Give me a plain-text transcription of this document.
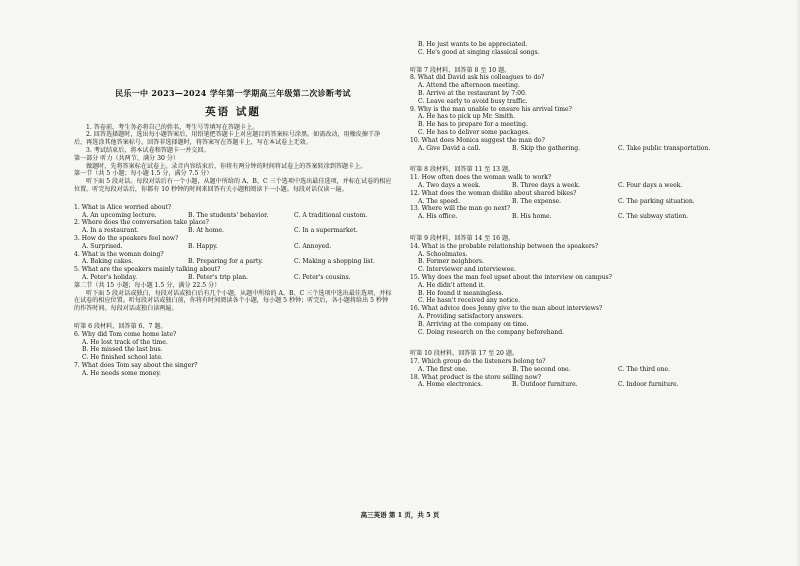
民乐一中 2023—2024 学年第一学期高三年级第二次诊断考试
英语 试题

1. 答卷前，考生务必将自己的姓名、考生号等填写在答题卡上。

2. 回答选择题时，选出每小题答案后，用铅笔把答题卡上对应题目的答案标号涂黑。如需改动，用橡皮擦干净后，再选涂其他答案标号。回答非选择题时，将答案写在答题卡上，写在本试卷上无效。

3. 考试结束后，将本试卷和答题卡一并交回。

第一部分 听力（共两节，满分 30 分）

做题时，先将答案标在试卷上。录音内容结束后，你将有两分钟的时间将试卷上的答案转涂到答题卡上。

第一节（共 5 小题；每小题 1.5 分，满分 7.5 分）

听下面 5 段对话。每段对话后有一个小题，从题中所给的 A、B、C 三个选项中选出最佳选项，并标在试卷的相应位置。听完每段对话后，你都有 10 秒钟的时间来回答有关小题和阅读下一小题。每段对话仅读一遍。

1. What is Alice worried about?

A. An upcoming lecture.	B. The students' behavior.	C. A traditional custom.

2. Where does the conversation take place?

A. In a restaurant.	B. At home.	C. In a supermarket.

3. How do the speakers feel now?

A. Surprised.	B. Happy.	C. Annoyed.

4. What is the woman doing?

A. Baking cakes.	B. Preparing for a party.	C. Making a shopping list.

5. What are the speakers mainly talking about?

A. Peter's holiday.	B. Peter's trip plan.	C. Peter's cousins.

第二节（共 15 小题；每小题 1.5 分，满分 22.5 分）

听下面 5 段对话或独白，每段对话或独白后有几个小题，从题中所给的 A、B、C 三个选项中选出最佳选项，并标在试卷的相应位置。听每段对话或独白前，你将有时间阅读各个小题，每小题 5 秒钟；听完后，各小题将给出 5 秒钟的作答时间。每段对话或独白读两遍。

听第 6 段材料，回答第 6、7 题。

6. Why did Tom come home late?

A. He lost track of the time.

B. He missed the last bus.

C. He finished school late.

7. What does Tom say about the singer?

A. He needs some money.

B. He just wants to be appreciated.

C. He's good at singing classical songs.

听第 7 段材料，回答第 8 至 10 题。

8. What did David ask his colleagues to do?

A. Attend the afternoon meeting.

B. Arrive at the restaurant by 7:00.

C. Leave early to avoid busy traffic.

9. Why is the man unable to ensure his arrival time?

A. He has to pick up Mr. Smith.

B. He has to prepare for a meeting.

C. He has to deliver some packages.

10. What does Monica suggest the man do?

A. Give David a call.	B. Skip the gathering.	C. Take public transportation.

听第 8 段材料，回答第 11 至 13 题。

11. How often does the woman walk to work?

A. Two days a week.	B. Three days a week.	C. Four days a week.

12. What does the woman dislike about shared bikes?

A. The speed.	B. The expense.	C. The parking situation.

13. Where will the man go next?

A. His office.	B. His home.	C. The subway station.

听第 9 段材料，回答第 14 至 16 题。

14. What is the probable relationship between the speakers?

A. Schoolmates.

B. Former neighbors.

C. Interviewer and interviewee.

15. Why does the man feel upset about the interview on campus?

A. He didn't attend it.

B. He found it meaningless.

C. He hasn't received any notice.

16. What advice does Jenny give to the man about interviews?

A. Providing satisfactory answers.

B. Arriving at the company on time.

C. Doing research on the company beforehand.

听第 10 段材料，回答第 17 至 20 题。

17. Which group do the listeners belong to?

A. The first one.	B. The second one.	C. The third one.

18. What product is the store selling now?

A. Home electronics.	B. Outdoor furniture.	C. Indoor furniture.
高三英语 第 1 页，共 5 页
